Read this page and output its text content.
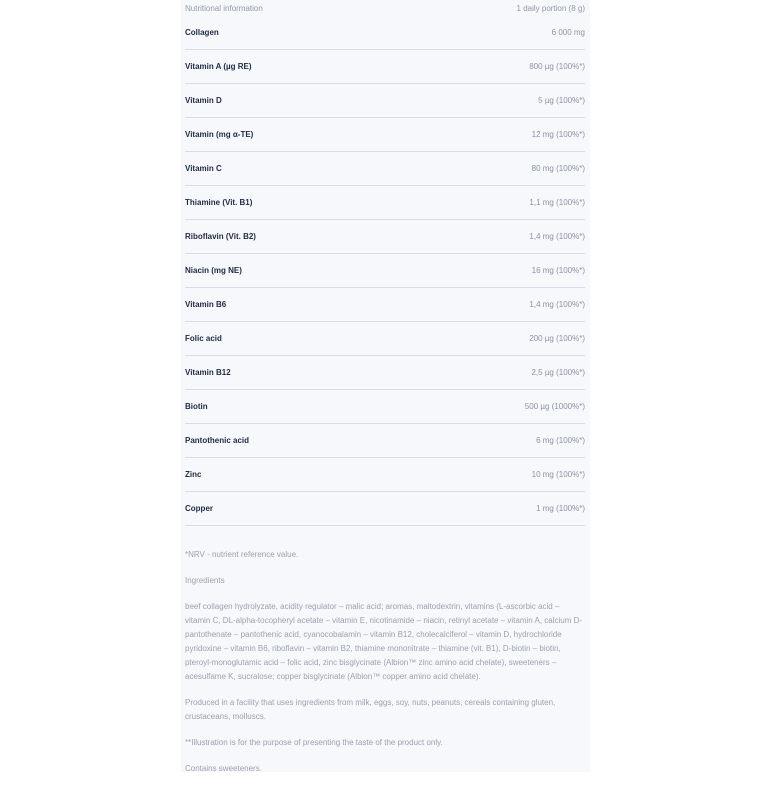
Nutritional information	1 daily portion (8 g)
Collagen	6 000 mg
Vitamin A (µg RE)	800 µg (100%*)
Vitamin D	5 µg (100%*)
Vitamin (mg α-TE)	12 mg (100%*)
Vitamin C	80 mg (100%*)
Thiamine (Vit. B1)	1,1 mg (100%*)
Riboflavin (Vit. B2)	1,4 mg (100%*)
Niacin (mg NE)	16 mg (100%*)
Vitamin B6	1,4 mg (100%*)
Folic acid	200 µg (100%*)
Vitamin B12	2,5 µg (100%*)
Biotin	500 µg (1000%*)
Pantothenic acid	6 mg (100%*)
Zinc	10 mg (100%*)
Copper	1 mg (100%*)

*NRV - nutrient reference value.

Ingredients

beef collagen hydrolyzate, acidity regulator – malic acid; aromas, maltodextrin, vitamins (L-ascorbic acid – vitamin C, DL-alpha-tocopheryl acetate – vitamin E, nicotinamide – niacin, retinyl acetate – vitamin A, calcium D-pantothenate – pantothenic acid, cyanocobalamin – vitamin B12, cholecalciferol – vitamin D, hydrochloride pyridoxine – vitamin B6, riboflavin – vitamin B2, thiamine mononitrate – thiamine (vit. B1), D-biotin – biotin, pteroyl-monoglutamic acid – folic acid, zinc bisglycinate (Albion™ zinc amino acid chelate), sweeteners – acesulfame K, sucralose; copper bisglycinate (Albion™ copper amino acid chelate).

Produced in a facility that uses ingredients from milk, eggs, soy, nuts, peanuts, cereals containing gluten, crustaceans, molluscs.

**Illustration is for the purpose of presenting the taste of the product only.

Contains sweeteners.
